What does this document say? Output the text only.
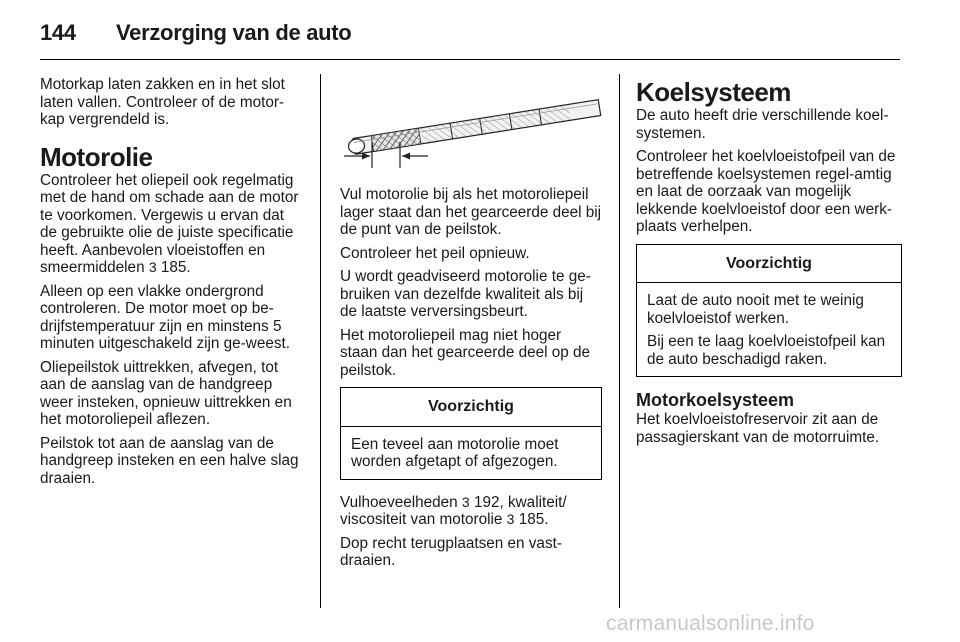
144 Verzorging van de auto

Motorkap laten zakken en in het slot laten vallen. Controleer of de motor-kap vergrendeld is.

Motorolie

Controleer het oliepeil ook regelmatig met de hand om schade aan de motor te voorkomen. Vergewis u ervan dat de gebruikte olie de juiste specificatie heeft. Aanbevolen vloeistoffen en smeermiddelen 3 185.

Alleen op een vlakke ondergrond controleren. De motor moet op be-drijfstemperatuur zijn en minstens 5 minuten uitgeschakeld zijn ge-weest.

Oliepeilstok uittrekken, afvegen, tot aan de aanslag van de handgreep weer insteken, opnieuw uittrekken en het motoroliepeil aflezen.

Peilstok tot aan de aanslag van de handgreep insteken en een halve slag draaien.

Vul motorolie bij als het motoroliepeil lager staat dan het gearceerde deel bij de punt van de peilstok.

Controleer het peil opnieuw.

U wordt geadviseerd motorolie te ge-bruiken van dezelfde kwaliteit als bij de laatste verversingsbeurt.

Het motoroliepeil mag niet hoger staan dan het gearceerde deel op de peilstok.

Voorzichtig

Een teveel aan motorolie moet worden afgetapt of afgezogen.

Vulhoeveelheden 3 192, kwaliteit/ viscositeit van motorolie 3 185.

Dop recht terugplaatsen en vast-draaien.

Koelsysteem

De auto heeft drie verschillende koel-systemen.

Controleer het koelvloeistofpeil van de betreffende koelsystemen regel-amtig en laat de oorzaak van mogelijk lekkende koelvloeistof door een werk-plaats verhelpen.

Voorzichtig

Laat de auto nooit met te weinig koelvloeistof werken.

Bij een te laag koelvloeistofpeil kan de auto beschadigd raken.

Motorkoelsysteem

Het koelvloeistofreservoir zit aan de passagierskant van de motorruimte.

carmanualsonline.info
